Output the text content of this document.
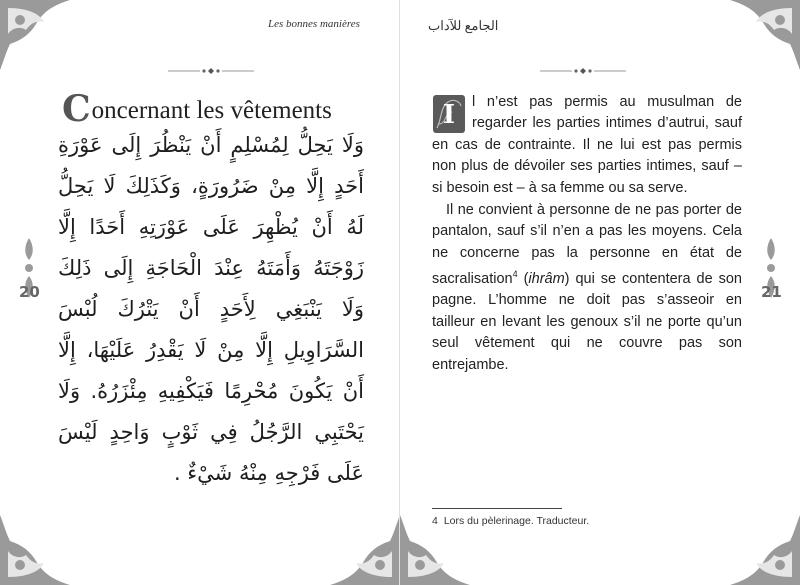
Les bonnes manières
20
Concernant les vêtements
وَلَا يَحِلُّ لِمُسْلِمٍ أَنْ يَنْظُرَ إِلَى عَوْرَةِ أَحَدٍ إِلَّا مِنْ ضَرُورَةٍ، وَكَذَلِكَ لَا يَحِلُّ لَهُ أَنْ يُظْهِرَ عَلَى عَوْرَتِهِ أَحَدًا إِلَّا زَوْجَتَهُ وَأَمَتَهُ عِنْدَ الْحَاجَةِ إِلَى ذَلِكَ وَلَا يَنْبَغِي لِأَحَدٍ أَنْ يَتْرُكَ لُبْسَ السَّرَاوِيلِ إِلَّا مِنْ لَا يَقْدِرُ عَلَيْهَا، إِلَّا أَنْ يَكُونَ مُحْرِمًا فَيَكْفِيهِ مِئْزَرُهُ. وَلَا يَحْتَبِي الرَّجُلُ فِي ثَوْبٍ وَاحِدٍ لَيْسَ عَلَى فَرْجِهِ مِنْهُ شَيْءٌ .
الجامع للآداب
21

I l n’est pas permis au musulman de regarder les parties intimes d’autrui, sauf en cas de contrainte. Il ne lui est pas permis non plus de dévoiler ses parties intimes, sauf – si besoin est – à sa femme ou sa serve.

Il ne convient à personne de ne pas porter de pantalon, sauf s’il n’en a pas les moyens. Cela ne concerne pas la personne en état de sacralisation$^4$ (ihrâm) qui se contentera de son pagne. L’homme ne doit pas s’asseoir en tailleur en levant les genoux s’il ne porte qu’un seul vêtement qui ne couvre pas son entrejambe.

4 Lors du pèlerinage. Traducteur.
